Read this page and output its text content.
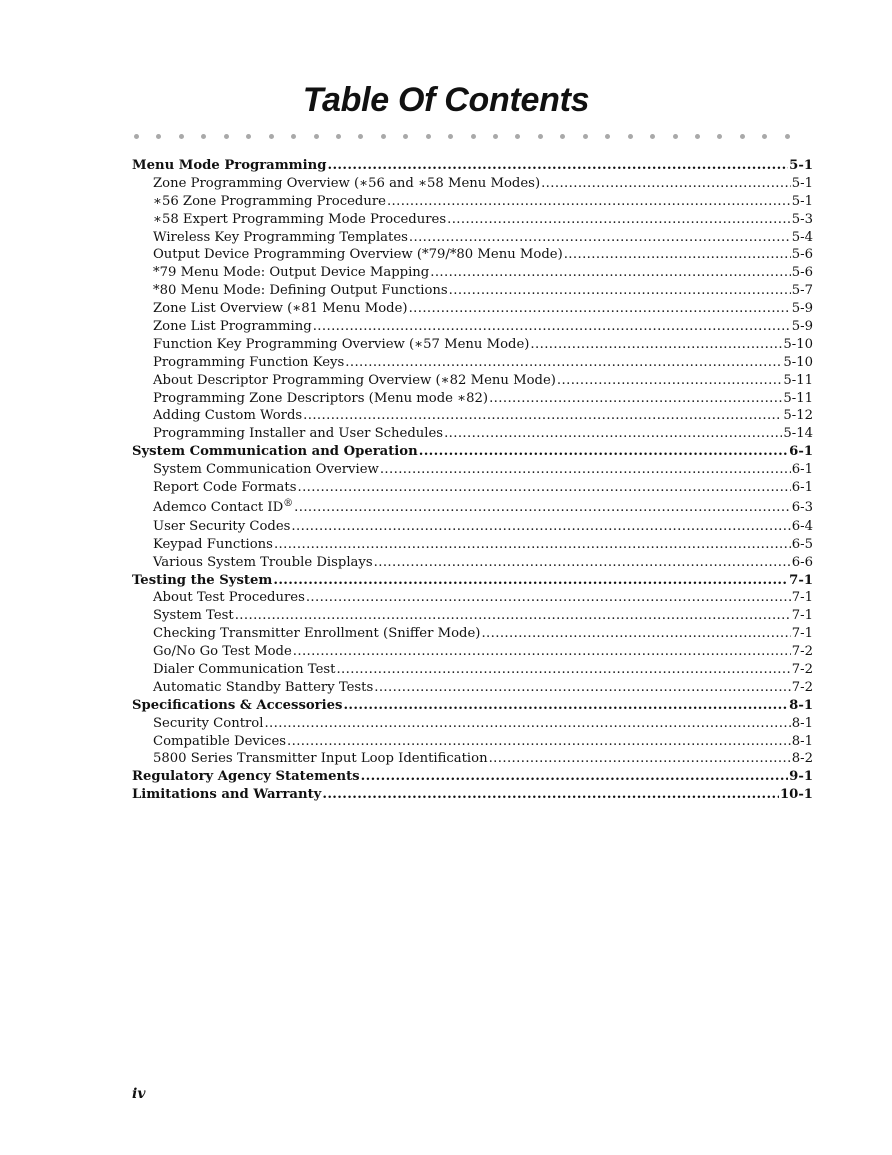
Table Of Contents
Menu Mode Programming .....	5-1
Zone Programming Overview (∗56 and ∗58 Menu Modes) .....	5-1
∗56 Zone Programming Procedure .....	5-1
∗58 Expert Programming Mode Procedures .....	5-3
Wireless Key Programming Templates .....	5-4
Output Device Programming Overview (*79/*80 Menu Mode) .....	5-6
*79 Menu Mode: Output Device Mapping .....	5-6
*80 Menu Mode: Defining Output Functions .....	5-7
Zone List Overview (∗81 Menu Mode) .....	5-9
Zone List Programming .....	5-9
Function Key Programming Overview (∗57 Menu Mode) .....	5-10
Programming Function Keys .....	5-10
About Descriptor Programming Overview (∗82 Menu Mode) .....	5-11
Programming Zone Descriptors (Menu mode ∗82) .....	5-11
Adding Custom Words .....	5-12
Programming Installer and User Schedules .....	5-14
System Communication and Operation .....	6-1
System Communication Overview .....	6-1
Report Code Formats .....	6-1
Ademco Contact ID® .....	6-3
User Security Codes .....	6-4
Keypad Functions .....	6-5
Various System Trouble Displays .....	6-6
Testing the System .....	7-1
About Test Procedures .....	7-1
System Test .....	7-1
Checking Transmitter Enrollment (Sniffer Mode) .....	7-1
Go/No Go Test Mode .....	7-2
Dialer Communication Test .....	7-2
Automatic Standby Battery Tests .....	7-2
Specifications & Accessories .....	8-1
Security Control .....	8-1
Compatible Devices .....	8-1
5800 Series Transmitter Input Loop Identification .....	8-2
Regulatory Agency Statements .....	9-1
Limitations and Warranty .....	10-1
iv
